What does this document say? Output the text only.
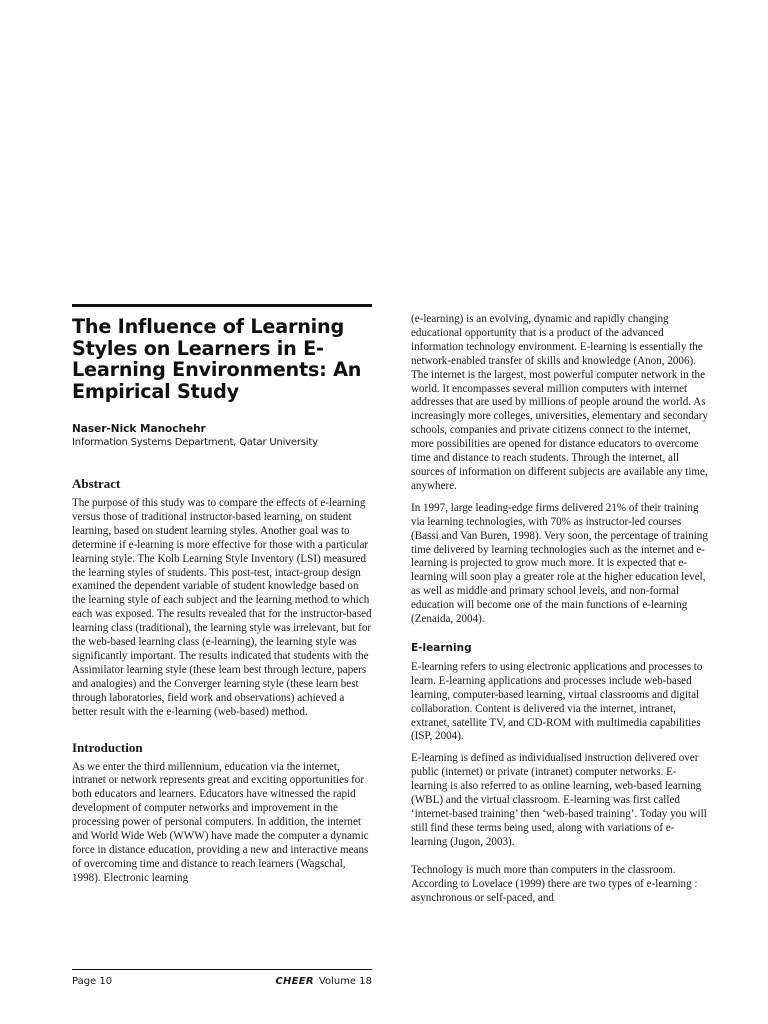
The Influence of Learning Styles on Learners in E-Learning Environments: An Empirical Study
Naser-Nick Manochehr
Information Systems Department, Qatar University
Abstract

The purpose of this study was to compare the effects of e-learning versus those of traditional instructor-based learning, on student learning, based on student learning styles. Another goal was to determine if e-learning is more effective for those with a particular learning style. The Kolb Learning Style Inventory (LSI) measured the learning styles of students. This post-test, intact-group design examined the dependent variable of student knowledge based on the learning style of each subject and the learning method to which each was exposed. The results revealed that for the instructor-based learning class (traditional), the learning style was irrelevant, but for the web-based learning class (e-learning), the learning style was significantly important. The results indicated that students with the Assimilator learning style (these learn best through lecture, papers and analogies) and the Converger learning style (these learn best through laboratories, field work and observations) achieved a better result with the e-learning (web-based) method.

Introduction

As we enter the third millennium, education via the internet, intranet or network represents great and exciting opportunities for both educators and learners. Educators have witnessed the rapid development of computer networks and improvement in the processing power of personal computers. In addition, the internet and World Wide Web (WWW) have made the computer a dynamic force in distance education, providing a new and interactive means of overcoming time and distance to reach learners (Wagschal, 1998). Electronic learning

(e-learning) is an evolving, dynamic and rapidly changing educational opportunity that is a product of the advanced information technology environment. E-learning is essentially the network-enabled transfer of skills and knowledge (Anon, 2006). The internet is the largest, most powerful computer network in the world. It encompasses several million computers with internet addresses that are used by millions of people around the world. As increasingly more colleges, universities, elementary and secondary schools, companies and private citizens connect to the internet, more possibilities are opened for distance educators to overcome time and distance to reach students. Through the internet, all sources of information on different subjects are available any time, anywhere.

In 1997, large leading-edge firms delivered 21% of their training via learning technologies, with 70% as instructor-led courses (Bassi and Van Buren, 1998). Very soon, the percentage of training time delivered by learning technologies such as the internet and e-learning is projected to grow much more. It is expected that e-learning will soon play a greater role at the higher education level, as well as middle and primary school levels, and non-formal education will become one of the main functions of e-learning (Zenaida, 2004).

E-learning

E-learning refers to using electronic applications and processes to learn. E-learning applications and processes include web-based learning, computer-based learning, virtual classrooms and digital collaboration. Content is delivered via the internet, intranet, extranet, satellite TV, and CD-ROM with multimedia capabilities (ISP, 2004).

E-learning is defined as individualised instruction delivered over public (internet) or private (intranet) computer networks. E-learning is also referred to as online learning, web-based learning (WBL) and the virtual classroom. E-learning was first called ‘internet-based training’ then ‘web-based training’. Today you will still find these terms being used, along with variations of e-learning (Jugon, 2003).

Technology is much more than computers in the classroom. According to Lovelace (1999) there are two types of e-learning : asynchronous or self-paced, and

Page 10	CHEER Volume 18
